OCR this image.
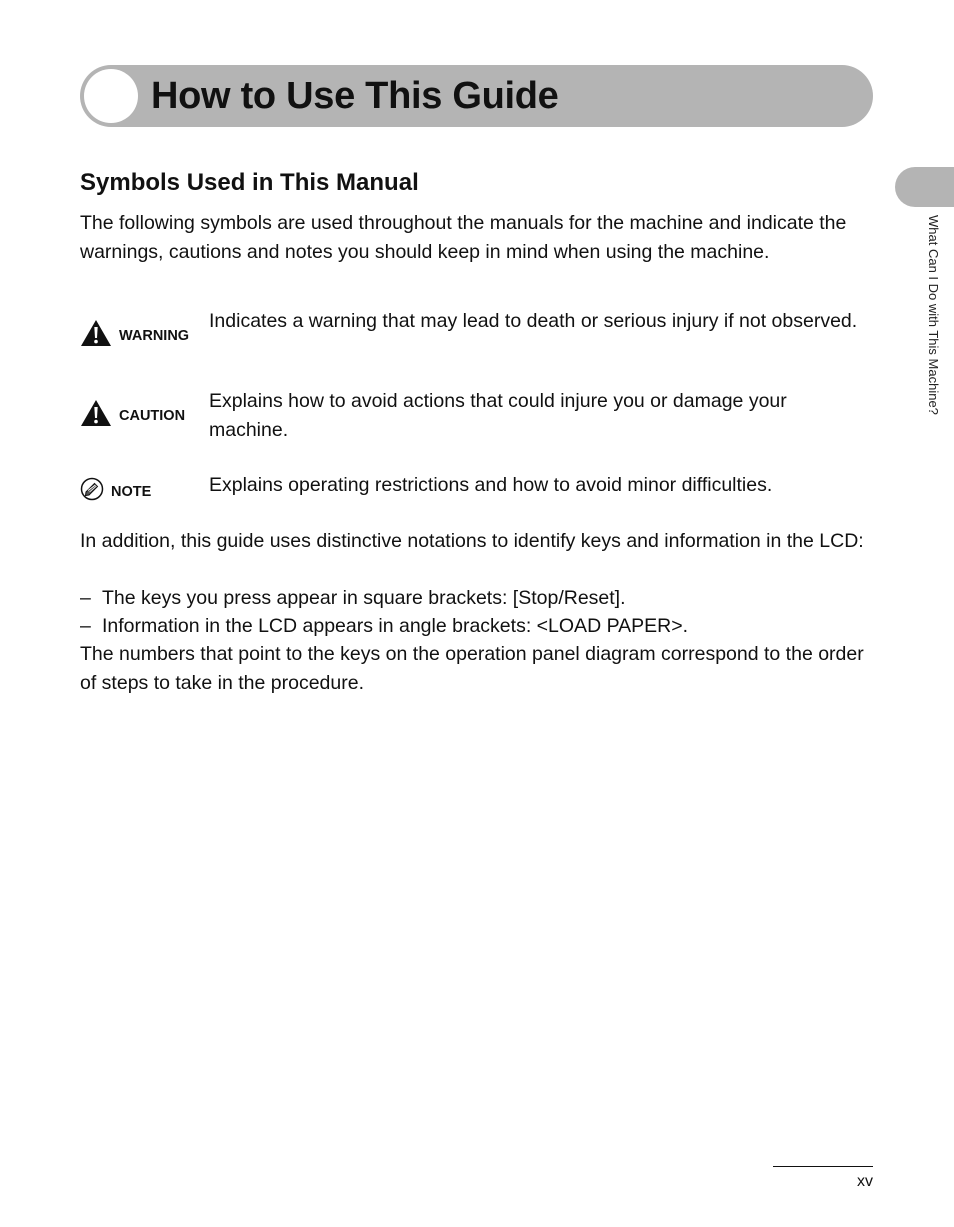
How to Use This Guide
What Can I Do with This Machine?
Symbols Used in This Manual

The following symbols are used throughout the manuals for the machine and indicate the warnings, cautions and notes you should keep in mind when using the machine.

WARNING

Indicates a warning that may lead to death or serious injury if not observed.

CAUTION

Explains how to avoid actions that could injure you or damage your machine.

NOTE	Explains operating restrictions and how to avoid minor difficulties.

In addition, this guide uses distinctive notations to identify keys and information in the LCD:

– The keys you press appear in square brackets: [Stop/Reset].

– Information in the LCD appears in angle brackets: <LOAD PAPER>.

The numbers that point to the keys on the operation panel diagram correspond to the order of steps to take in the procedure.

xv
